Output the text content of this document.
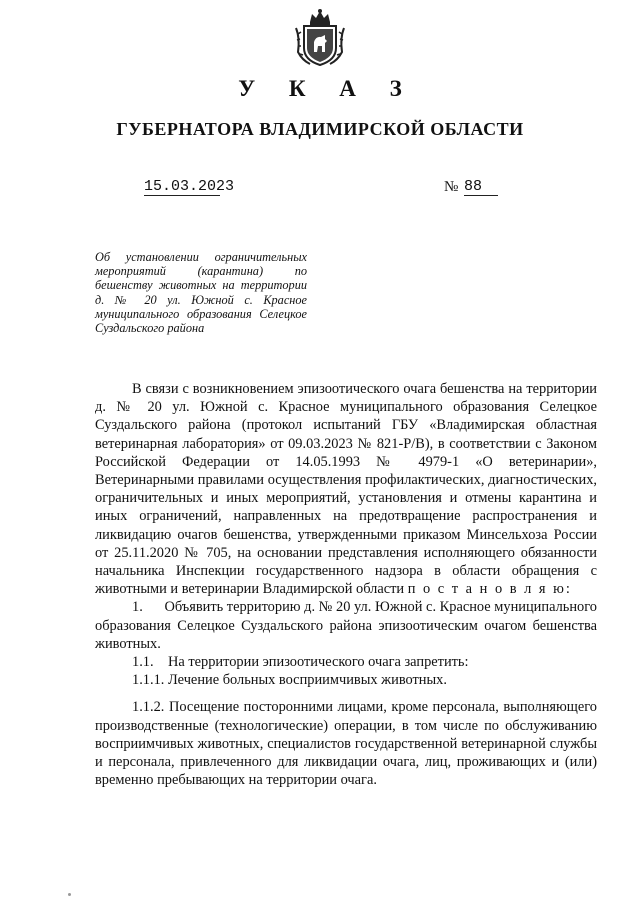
У К А З
ГУБЕРНАТОРА ВЛАДИМИРСКОЙ ОБЛАСТИ
15.03.2023	№ 88
Об установлении ограничительных мероприятий (карантина) по бешенству животных на территории д. № 20 ул. Южной с. Красное муниципального образования Селецкое Суздальского района

В связи с возникновением эпизоотического очага бешенства на территории д. № 20 ул. Южной с. Красное муниципального образования Селецкое Суздальского района (протокол испытаний ГБУ «Владимирская областная ветеринарная лаборатория» от 09.03.2023 № 821-Р/В), в соответствии с Законом Российской Федерации от 14.05.1993 № 4979-1 «О ветеринарии», Ветеринарными правилами осуществления профилактических, диагностических, ограничительных и иных мероприятий, установления и отмены карантина и иных ограничений, направленных на предотвращение распространения и ликвидацию очагов бешенства, утвержденными приказом Минсельхоза России от 25.11.2020 № 705, на основании представления исполняющего обязанности начальника Инспекции государственного надзора в области обращения с животными и ветеринарии Владимирской области п о с т а н о в л я ю:

1. Объявить территорию д. № 20 ул. Южной с. Красное муниципального образования Селецкое Суздальского района эпизоотическим очагом бешенства животных.

1.1. На территории эпизоотического очага запретить:

1.1.1. Лечение больных восприимчивых животных.

1.1.2. Посещение посторонними лицами, кроме персонала, выполняющего производственные (технологические) операции, в том числе по обслуживанию восприимчивых животных, специалистов государственной ветеринарной службы и персонала, привлеченного для ликвидации очага, лиц, проживающих и (или) временно пребывающих на территории очага.
